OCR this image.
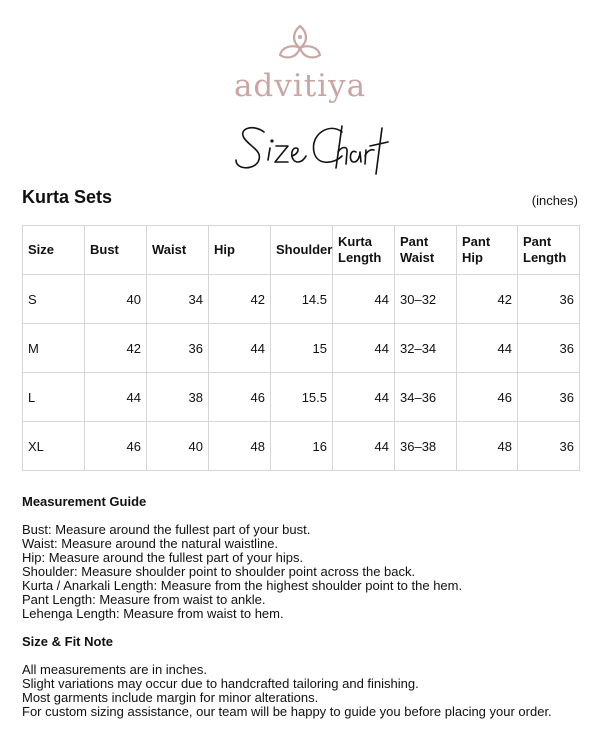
advitiya
Kurta Sets	(inches)
Size	Bust	Waist	Hip	Shoulder	Kurta Length	Pant Waist	Pant Hip	Pant Length
S	40	34	42	14.5	44	30–32	42	36
M	42	36	44	15	44	32–34	44	36
L	44	38	46	15.5	44	34–36	46	36
XL	46	40	48	16	44	36–38	48	36
Measurement Guide

Bust: Measure around the fullest part of your bust.

Waist: Measure around the natural waistline.

Hip: Measure around the fullest part of your hips.

Shoulder: Measure shoulder point to shoulder point across the back.

Kurta / Anarkali Length: Measure from the highest shoulder point to the hem.

Pant Length: Measure from waist to ankle.

Lehenga Length: Measure from waist to hem.

Size & Fit Note

All measurements are in inches.

Slight variations may occur due to handcrafted tailoring and finishing.

Most garments include margin for minor alterations.

For custom sizing assistance, our team will be happy to guide you before placing your order.
